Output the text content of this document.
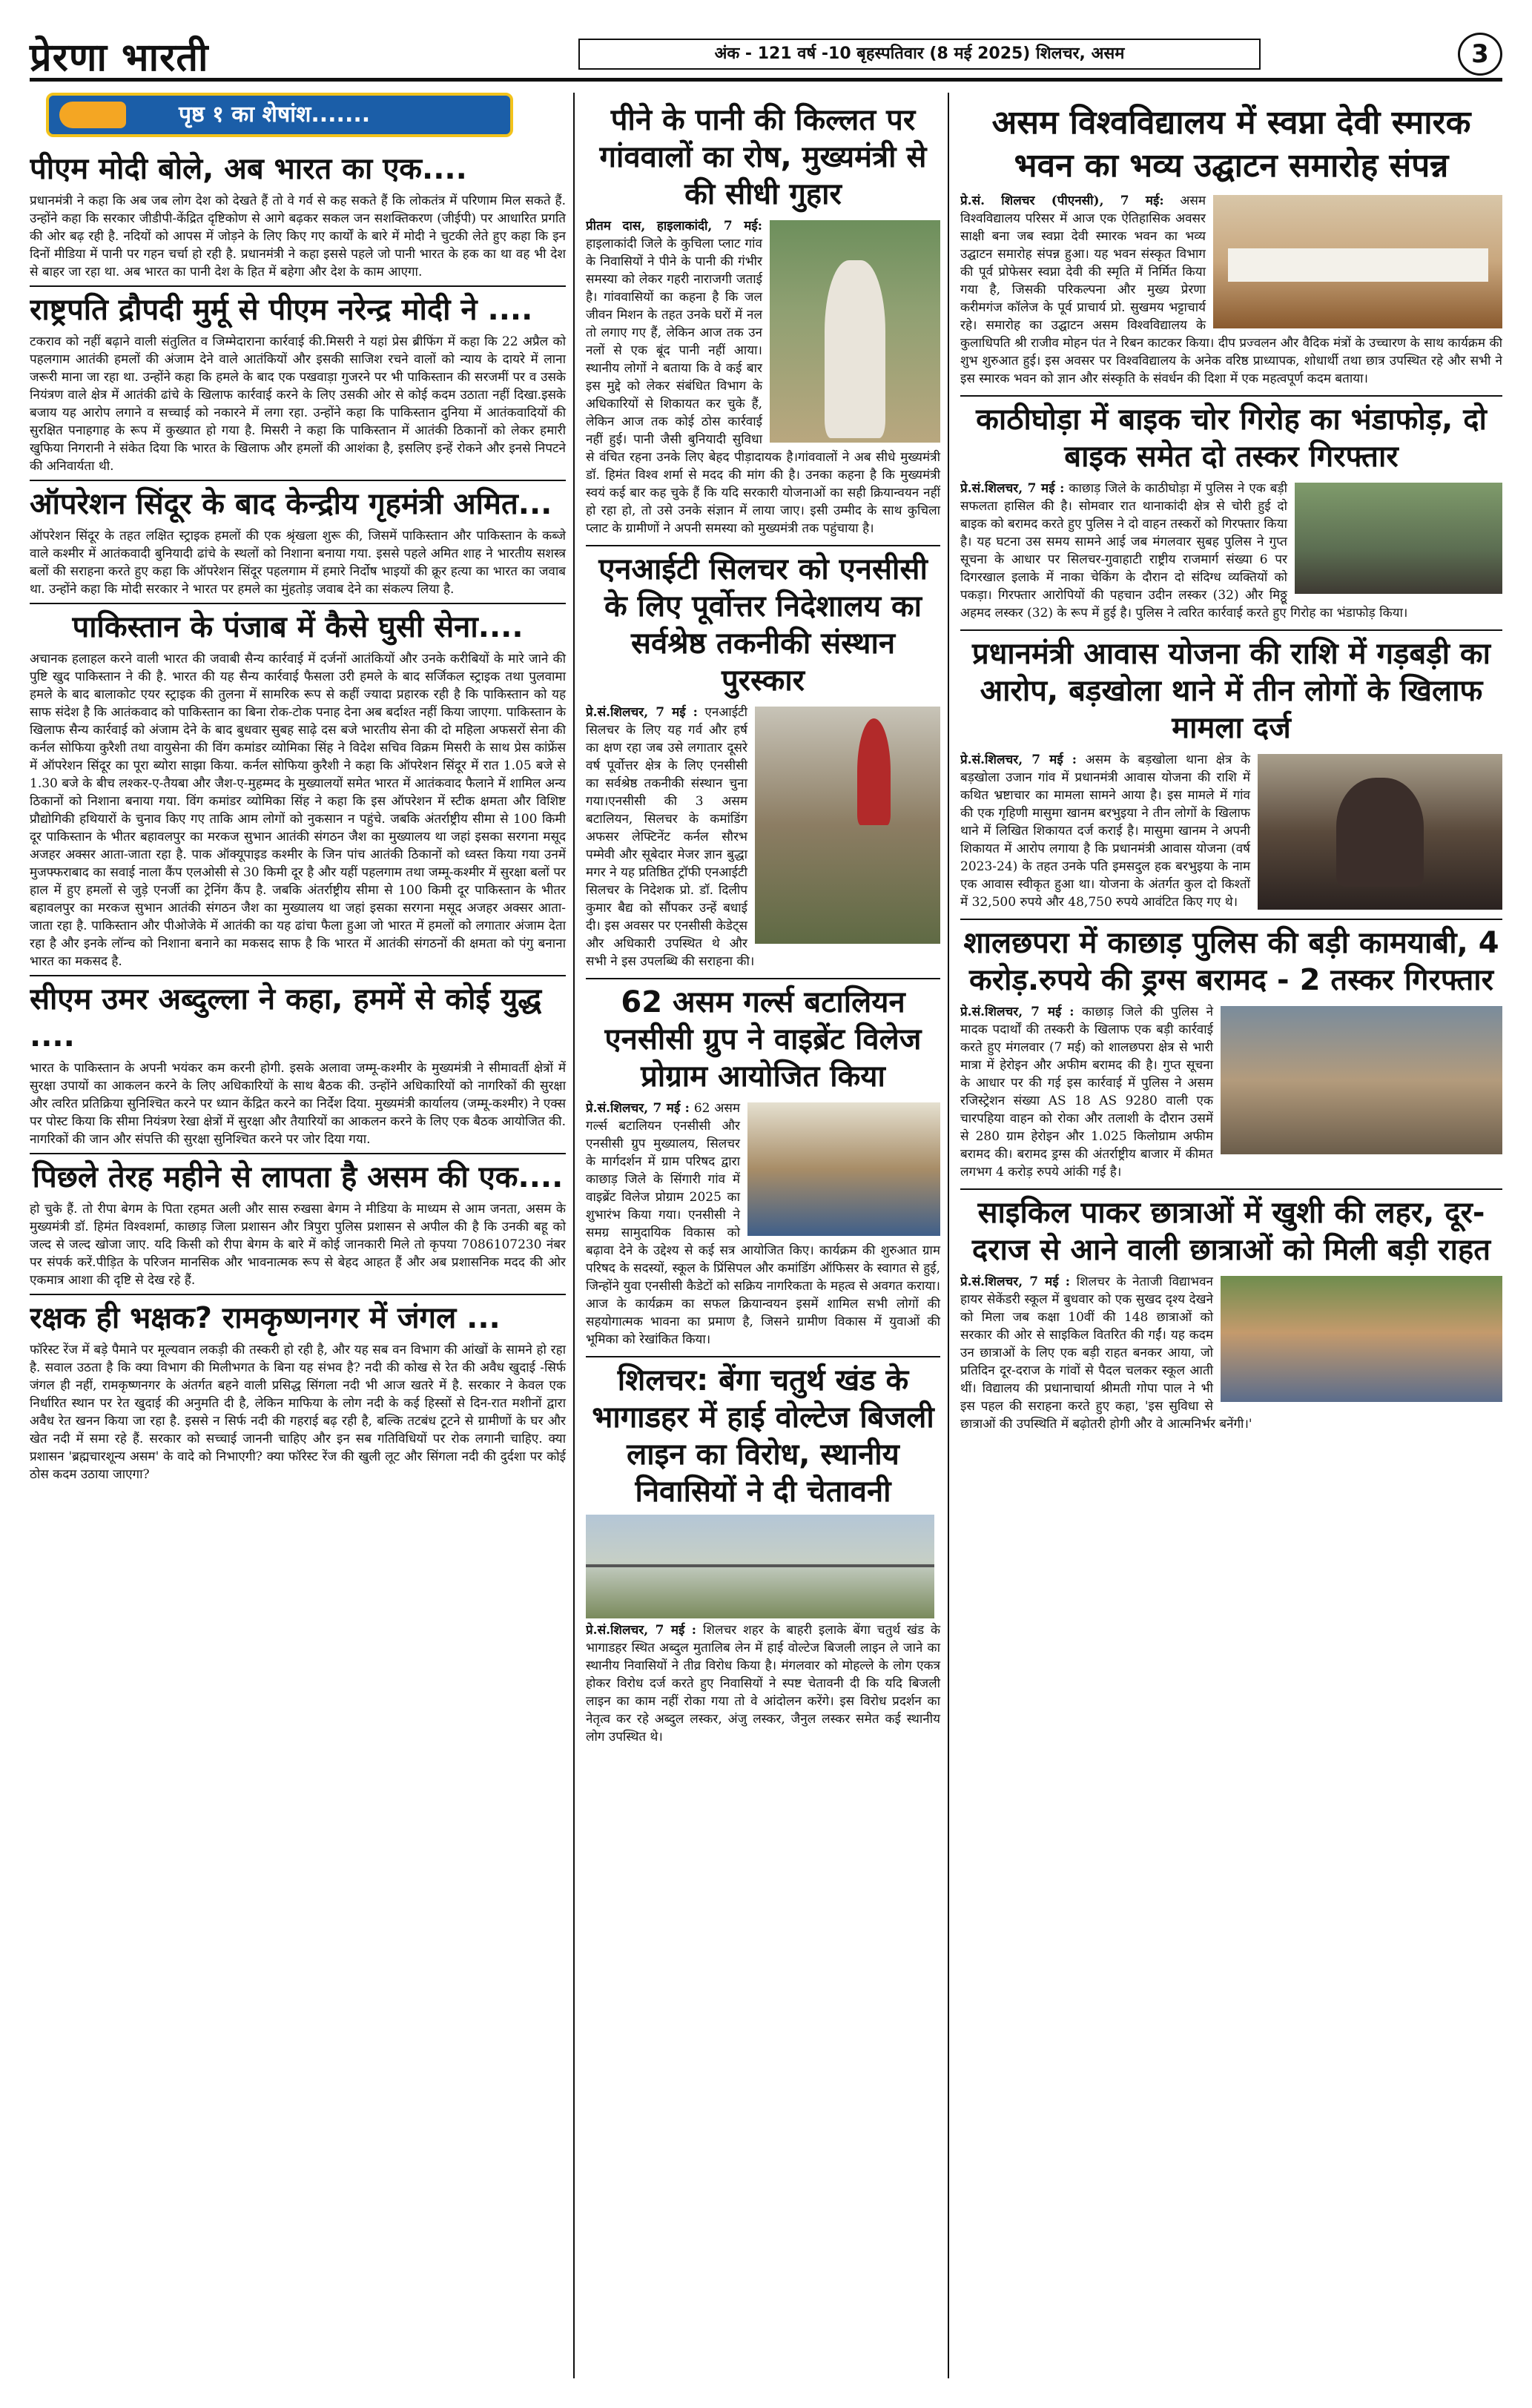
प्रेरणा भारती	अंक - 121 वर्ष -10 बृहस्पतिवार (8 मई 2025) शिलचर, असम	3
पृष्ठ १ का शेषांश.......
पीएम मोदी बोले, अब भारत का एक....

प्रधानमंत्री ने कहा कि अब जब लोग देश को देखते हैं तो वे गर्व से कह सकते हैं कि लोकतंत्र में परिणाम मिल सकते हैं. उन्होंने कहा कि सरकार जीडीपी-केंद्रित दृष्टिकोण से आगे बढ़कर सकल जन सशक्तिकरण (जीईपी) पर आधारित प्रगति की ओर बढ़ रही है. नदियों को आपस में जोड़ने के लिए किए गए कार्यों के बारे में मोदी ने चुटकी लेते हुए कहा कि इन दिनों मीडिया में पानी पर गहन चर्चा हो रही है. प्रधानमंत्री ने कहा इससे पहले जो पानी भारत के हक का था वह भी देश से बाहर जा रहा था. अब भारत का पानी देश के हित में बहेगा और देश के काम आएगा.

राष्ट्रपति द्रौपदी मुर्मू से पीएम नरेन्द्र मोदी ने ....

टकराव को नहीं बढ़ाने वाली संतुलित व जिम्मेदाराना कार्रवाई की.मिसरी ने यहां प्रेस ब्रीफिंग में कहा कि 22 अप्रैल को पहलगाम आतंकी हमलों की अंजाम देने वाले आतंकियों और इसकी साजिश रचने वालों को न्याय के दायरे में लाना जरूरी माना जा रहा था. उन्होंने कहा कि हमले के बाद एक पखवाड़ा गुजरने पर भी पाकिस्तान की सरजमीं पर व उसके नियंत्रण वाले क्षेत्र में आतंकी ढांचे के खिलाफ कार्रवाई करने के लिए उसकी ओर से कोई कदम उठाता नहीं दिखा.इसके बजाय यह आरोप लगाने व सच्चाई को नकारने में लगा रहा. उन्होंने कहा कि पाकिस्तान दुनिया में आतंकवादियों की सुरक्षित पनाहगाह के रूप में कुख्यात हो गया है. मिसरी ने कहा कि पाकिस्तान में आतंकी ठिकानों को लेकर हमारी खुफिया निगरानी ने संकेत दिया कि भारत के खिलाफ और हमलों की आशंका है, इसलिए इन्हें रोकने और इनसे निपटने की अनिवार्यता थी.

ऑपरेशन सिंदूर के बाद केन्द्रीय गृहमंत्री अमित...

ऑपरेशन सिंदूर के तहत लक्षित स्ट्राइक हमलों की एक श्रृंखला शुरू की, जिसमें पाकिस्तान और पाकिस्तान के कब्जे वाले कश्मीर में आतंकवादी बुनियादी ढांचे के स्थलों को निशाना बनाया गया. इससे पहले अमित शाह ने भारतीय सशस्त्र बलों की सराहना करते हुए कहा कि ऑपरेशन सिंदूर पहलगाम में हमारे निर्दोष भाइयों की क्रूर हत्या का भारत का जवाब था. उन्होंने कहा कि मोदी सरकार ने भारत पर हमले का मुंहतोड़ जवाब देने का संकल्प लिया है.

पाकिस्तान के पंजाब में कैसे घुसी सेना....

अचानक हलाहल करने वाली भारत की जवाबी सैन्य कार्रवाई में दर्जनों आतंकियों और उनके करीबियों के मारे जाने की पुष्टि खुद पाकिस्तान ने की है. भारत की यह सैन्य कार्रवाई फैसला उरी हमले के बाद सर्जिकल स्ट्राइक तथा पुलवामा हमले के बाद बालाकोट एयर स्ट्राइक की तुलना में सामरिक रूप से कहीं ज्यादा प्रहारक रही है कि पाकिस्तान को यह साफ संदेश है कि आतंकवाद को पाकिस्तान का बिना रोक-टोक पनाह देना अब बर्दाश्त नहीं किया जाएगा. पाकिस्तान के खिलाफ सैन्य कार्रवाई को अंजाम देने के बाद बुधवार सुबह साढ़े दस बजे भारतीय सेना की दो महिला अफसरों सेना की कर्नल सोफिया कुरैशी तथा वायुसेना की विंग कमांडर व्योमिका सिंह ने विदेश सचिव विक्रम मिसरी के साथ प्रेस कांफ्रेंस में ऑपरेशन सिंदूर का पूरा ब्योरा साझा किया. कर्नल सोफिया कुरैशी ने कहा कि ऑपरेशन सिंदूर में रात 1.05 बजे से 1.30 बजे के बीच लश्कर-ए-तैयबा और जैश-ए-मुहम्मद के मुख्यालयों समेत भारत में आतंकवाद फैलाने में शामिल अन्य ठिकानों को निशाना बनाया गया. विंग कमांडर व्योमिका सिंह ने कहा कि इस ऑपरेशन में स्टीक क्षमता और विशिष्ट प्रौद्योगिकी हथियारों के चुनाव किए गए ताकि आम लोगों को नुकसान न पहुंचे. जबकि अंतर्राष्ट्रीय सीमा से 100 किमी दूर पाकिस्तान के भीतर बहावलपुर का मरकज सुभान आतंकी संगठन जैश का मुख्यालय था जहां इसका सरगना मसूद अजहर अक्सर आता-जाता रहा है. पाक ऑक्यूपाइड कश्मीर के जिन पांच आतंकी ठिकानों को ध्वस्त किया गया उनमें मुजफ्फराबाद का सवाई नाला कैंप एलओसी से 30 किमी दूर है और यहीं पहलगाम तथा जम्मू-कश्मीर में सुरक्षा बलों पर हाल में हुए हमलों से जुड़े एनर्जी का ट्रेनिंग कैंप है. जबकि अंतर्राष्ट्रीय सीमा से 100 किमी दूर पाकिस्तान के भीतर बहावलपुर का मरकज सुभान आतंकी संगठन जैश का मुख्यालय था जहां इसका सरगना मसूद अजहर अक्सर आता-जाता रहा है. पाकिस्तान और पीओजेके में आतंकी का यह ढांचा फैला हुआ जो भारत में हमलों को लगातार अंजाम देता रहा है और इनके लॉन्च को निशाना बनाने का मकसद साफ है कि भारत में आतंकी संगठनों की क्षमता को पंगु बनाना भारत का मकसद है.

सीएम उमर अब्दुल्ला ने कहा, हममें से कोई युद्ध ....

भारत के पाकिस्तान के अपनी भयंकर कम करनी होगी. इसके अलावा जम्मू-कश्मीर के मुख्यमंत्री ने सीमावर्ती क्षेत्रों में सुरक्षा उपायों का आकलन करने के लिए अधिकारियों के साथ बैठक की. उन्होंने अधिकारियों को नागरिकों की सुरक्षा और त्वरित प्रतिक्रिया सुनिश्चित करने पर ध्यान केंद्रित करने का निर्देश दिया. मुख्यमंत्री कार्यालय (जम्मू-कश्मीर) ने एक्स पर पोस्ट किया कि सीमा नियंत्रण रेखा क्षेत्रों में सुरक्षा और तैयारियों का आकलन करने के लिए एक बैठक आयोजित की. नागरिकों की जान और संपत्ति की सुरक्षा सुनिश्चित करने पर जोर दिया गया.

पिछले तेरह महीने से लापता है असम की एक....

हो चुके हैं. तो रीपा बेगम के पिता रहमत अली और सास रुखसा बेगम ने मीडिया के माध्यम से आम जनता, असम के मुख्यमंत्री डॉ. हिमंत विश्वशर्मा, काछाड़ जिला प्रशासन और त्रिपुरा पुलिस प्रशासन से अपील की है कि उनकी बहू को जल्द से जल्द खोजा जाए. यदि किसी को रीपा बेगम के बारे में कोई जानकारी मिले तो कृपया 7086107230 नंबर पर संपर्क करें.पीड़ित के परिजन मानसिक और भावनात्मक रूप से बेहद आहत हैं और अब प्रशासनिक मदद की ओर एकमात्र आशा की दृष्टि से देख रहे हैं.

रक्षक ही भक्षक? रामकृष्णनगर में जंगल ...

फॉरेस्ट रेंज में बड़े पैमाने पर मूल्यवान लकड़ी की तस्करी हो रही है, और यह सब वन विभाग की आंखों के सामने हो रहा है. सवाल उठता है कि क्या विभाग की मिलीभगत के बिना यह संभव है? नदी की कोख से रेत की अवैध खुदाई -सिर्फ जंगल ही नहीं, रामकृष्णनगर के अंतर्गत बहने वाली प्रसिद्ध सिंगला नदी भी आज खतरे में है. सरकार ने केवल एक निर्धारित स्थान पर रेत खुदाई की अनुमति दी है, लेकिन माफिया के लोग नदी के कई हिस्सों से दिन-रात मशीनों द्वारा अवैध रेत खनन किया जा रहा है. इससे न सिर्फ नदी की गहराई बढ़ रही है, बल्कि तटबंध टूटने से ग्रामीणों के घर और खेत नदी में समा रहे हैं. सरकार को सच्चाई जाननी चाहिए और इन सब गतिविधियों पर रोक लगानी चाहिए. क्या प्रशासन 'ब्रह्मचारशून्य असम' के वादे को निभाएगी? क्या फॉरेस्ट रेंज की खुली लूट और सिंगला नदी की दुर्दशा पर कोई ठोस कदम उठाया जाएगा?

पीने के पानी की किल्लत पर गांववालों का रोष, मुख्यमंत्री से की सीधी गुहार

प्रीतम दास, हाइलाकांदी, 7 मई: हाइलाकांदी जिले के कुचिला प्लाट गांव के निवासियों ने पीने के पानी की गंभीर समस्या को लेकर गहरी नाराजगी जताई है। गांववासियों का कहना है कि जल जीवन मिशन के तहत उनके घरों में नल तो लगाए गए हैं, लेकिन आज तक उन नलों से एक बूंद पानी नहीं आया। स्थानीय लोगों ने बताया कि वे कई बार इस मुद्दे को लेकर संबंधित विभाग के अधिकारियों से शिकायत कर चुके हैं, लेकिन आज तक कोई ठोस कार्रवाई नहीं हुई। पानी जैसी बुनियादी सुविधा से वंचित रहना उनके लिए बेहद पीड़ादायक है।गांववालों ने अब सीधे मुख्यमंत्री डॉ. हिमंत विश्व शर्मा से मदद की मांग की है। उनका कहना है कि मुख्यमंत्री स्वयं कई बार कह चुके हैं कि यदि सरकारी योजनाओं का सही क्रियान्वयन नहीं हो रहा हो, तो उसे उनके संज्ञान में लाया जाए। इसी उम्मीद के साथ कुचिला प्लाट के ग्रामीणों ने अपनी समस्या को मुख्यमंत्री तक पहुंचाया है।

एनआईटी सिलचर को एनसीसी के लिए पूर्वोत्तर निदेशालय का सर्वश्रेष्ठ तकनीकी संस्थान पुरस्कार

प्रे.सं.शिलचर, 7 मई : एनआईटी सिलचर के लिए यह गर्व और हर्ष का क्षण रहा जब उसे लगातार दूसरे वर्ष पूर्वोत्तर क्षेत्र के लिए एनसीसी का सर्वश्रेष्ठ तकनीकी संस्थान चुना गया।एनसीसी की 3 असम बटालियन, सिलचर के कमांडिंग अफसर लेफ्टिनेंट कर्नल सौरभ पम्मेवी और सूबेदार मेजर ज्ञान बुद्धा मगर ने यह प्रतिष्ठित ट्रॉफी एनआईटी सिलचर के निदेशक प्रो. डॉ. दिलीप कुमार बैद्य को सौंपकर उन्हें बधाई दी। इस अवसर पर एनसीसी केडेट्स और अधिकारी उपस्थित थे और सभी ने इस उपलब्धि की सराहना की।

62 असम गर्ल्स बटालियन एनसीसी ग्रुप ने वाइब्रेंट विलेज प्रोग्राम आयोजित किया

प्रे.सं.शिलचर, 7 मई : 62 असम गर्ल्स बटालियन एनसीसी और एनसीसी ग्रुप मुख्यालय, सिलचर के मार्गदर्शन में ग्राम परिषद द्वारा काछाड़ जिले के सिंगारी गांव में वाइब्रेंट विलेज प्रोग्राम 2025 का शुभारंभ किया गया। एनसीसी ने समग्र सामुदायिक विकास को बढ़ावा देने के उद्देश्य से कई सत्र आयोजित किए। कार्यक्रम की शुरुआत ग्राम परिषद के सदस्यों, स्कूल के प्रिंसिपल और कमांडिंग ऑफिसर के स्वागत से हुई, जिन्होंने युवा एनसीसी कैडेटों को सक्रिय नागरिकता के महत्व से अवगत कराया। आज के कार्यक्रम का सफल क्रियान्वयन इसमें शामिल सभी लोगों की सहयोगात्मक भावना का प्रमाण है, जिसने ग्रामीण विकास में युवाओं की भूमिका को रेखांकित किया।

शिलचर: बेंगा चतुर्थ खंड के भागाडहर में हाई वोल्टेज बिजली लाइन का विरोध, स्थानीय निवासियों ने दी चेतावनी

प्रे.सं.शिलचर, 7 मई : शिलचर शहर के बाहरी इलाके बेंगा चतुर्थ खंड के भागाडहर स्थित अब्दुल मुतालिब लेन में हाई वोल्टेज बिजली लाइन ले जाने का स्थानीय निवासियों ने तीव्र विरोध किया है। मंगलवार को मोहल्ले के लोग एकत्र होकर विरोध दर्ज करते हुए निवासियों ने स्पष्ट चेतावनी दी कि यदि बिजली लाइन का काम नहीं रोका गया तो वे आंदोलन करेंगे। इस विरोध प्रदर्शन का नेतृत्व कर रहे अब्दुल लस्कर, अंजु लस्कर, जैनुल लस्कर समेत कई स्थानीय लोग उपस्थित थे।

असम विश्वविद्यालय में स्वप्ना देवी स्मारक भवन का भव्य उद्घाटन समारोह संपन्न

प्रे.सं. शिलचर (पीएनसी), 7 मई: असम विश्वविद्यालय परिसर में आज एक ऐतिहासिक अवसर साक्षी बना जब स्वप्ना देवी स्मारक भवन का भव्य उद्घाटन समारोह संपन्न हुआ। यह भवन संस्कृत विभाग की पूर्व प्रोफेसर स्वप्ना देवी की स्मृति में निर्मित किया गया है, जिसकी परिकल्पना और मुख्य प्रेरणा करीमगंज कॉलेज के पूर्व प्राचार्य प्रो. सुखमय भट्टाचार्य रहे। समारोह का उद्घाटन असम विश्वविद्यालय के कुलाधिपति श्री राजीव मोहन पंत ने रिबन काटकर किया। दीप प्रज्वलन और वैदिक मंत्रों के उच्चारण के साथ कार्यक्रम की शुभ शुरुआत हुई। इस अवसर पर विश्वविद्यालय के अनेक वरिष्ठ प्राध्यापक, शोधार्थी तथा छात्र उपस्थित रहे और सभी ने इस स्मारक भवन को ज्ञान और संस्कृति के संवर्धन की दिशा में एक महत्वपूर्ण कदम बताया।

काठीघोड़ा में बाइक चोर गिरोह का भंडाफोड़, दो बाइक समेत दो तस्कर गिरफ्तार

प्रे.सं.शिलचर, 7 मई : काछाड़ जिले के काठीघोड़ा में पुलिस ने एक बड़ी सफलता हासिल की है। सोमवार रात थानाकांदी क्षेत्र से चोरी हुई दो बाइक को बरामद करते हुए पुलिस ने दो वाहन तस्करों को गिरफ्तार किया है। यह घटना उस समय सामने आई जब मंगलवार सुबह पुलिस ने गुप्त सूचना के आधार पर सिलचर-गुवाहाटी राष्ट्रीय राजमार्ग संख्या 6 पर दिगरखाल इलाके में नाका चेकिंग के दौरान दो संदिग्ध व्यक्तियों को पकड़ा। गिरफ्तार आरोपियों की पहचान उदीन लस्कर (32) और मिठ्ठू अहमद लस्कर (32) के रूप में हुई है। पुलिस ने त्वरित कार्रवाई करते हुए गिरोह का भंडाफोड़ किया।

प्रधानमंत्री आवास योजना की राशि में गड़बड़ी का आरोप, बड़खोला थाने में तीन लोगों के खिलाफ मामला दर्ज

प्रे.सं.शिलचर, 7 मई : असम के बड़खोला थाना क्षेत्र के बड़खोला उजान गांव में प्रधानमंत्री आवास योजना की राशि में कथित भ्रष्टाचार का मामला सामने आया है। इस मामले में गांव की एक गृहिणी मासुमा खानम बरभुइया ने तीन लोगों के खिलाफ थाने में लिखित शिकायत दर्ज कराई है। मासुमा खानम ने अपनी शिकायत में आरोप लगाया है कि प्रधानमंत्री आवास योजना (वर्ष 2023-24) के तहत उनके पति इमसदुल हक बरभुइया के नाम एक आवास स्वीकृत हुआ था। योजना के अंतर्गत कुल दो किश्तों में 32,500 रुपये और 48,750 रुपये आवंटित किए गए थे।

शालछपरा में काछाड़ पुलिस की बड़ी कामयाबी, 4 करोड़.रुपये की ड्रग्स बरामद - 2 तस्कर गिरफ्तार

प्रे.सं.शिलचर, 7 मई : काछाड़ जिले की पुलिस ने मादक पदार्थों की तस्करी के खिलाफ एक बड़ी कार्रवाई करते हुए मंगलवार (7 मई) को शालछपरा क्षेत्र से भारी मात्रा में हेरोइन और अफीम बरामद की है। गुप्त सूचना के आधार पर की गई इस कार्रवाई में पुलिस ने असम रजिस्ट्रेशन संख्या AS 18 AS 9280 वाली एक चारपहिया वाहन को रोका और तलाशी के दौरान उसमें से 280 ग्राम हेरोइन और 1.025 किलोग्राम अफीम बरामद की। बरामद ड्रग्स की अंतर्राष्ट्रीय बाजार में कीमत लगभग 4 करोड़ रुपये आंकी गई है।

साइकिल पाकर छात्राओं में खुशी की लहर, दूर-दराज से आने वाली छात्राओं को मिली बड़ी राहत

प्रे.सं.शिलचर, 7 मई : शिलचर के नेताजी विद्याभवन हायर सेकेंडरी स्कूल में बुधवार को एक सुखद दृश्य देखने को मिला जब कक्षा 10वीं की 148 छात्राओं को सरकार की ओर से साइकिल वितरित की गईं। यह कदम उन छात्राओं के लिए एक बड़ी राहत बनकर आया, जो प्रतिदिन दूर-दराज के गांवों से पैदल चलकर स्कूल आती थीं। विद्यालय की प्रधानाचार्या श्रीमती गोपा पाल ने भी इस पहल की सराहना करते हुए कहा, 'इस सुविधा से छात्राओं की उपस्थिति में बढ़ोतरी होगी और वे आत्मनिर्भर बनेंगी।'
